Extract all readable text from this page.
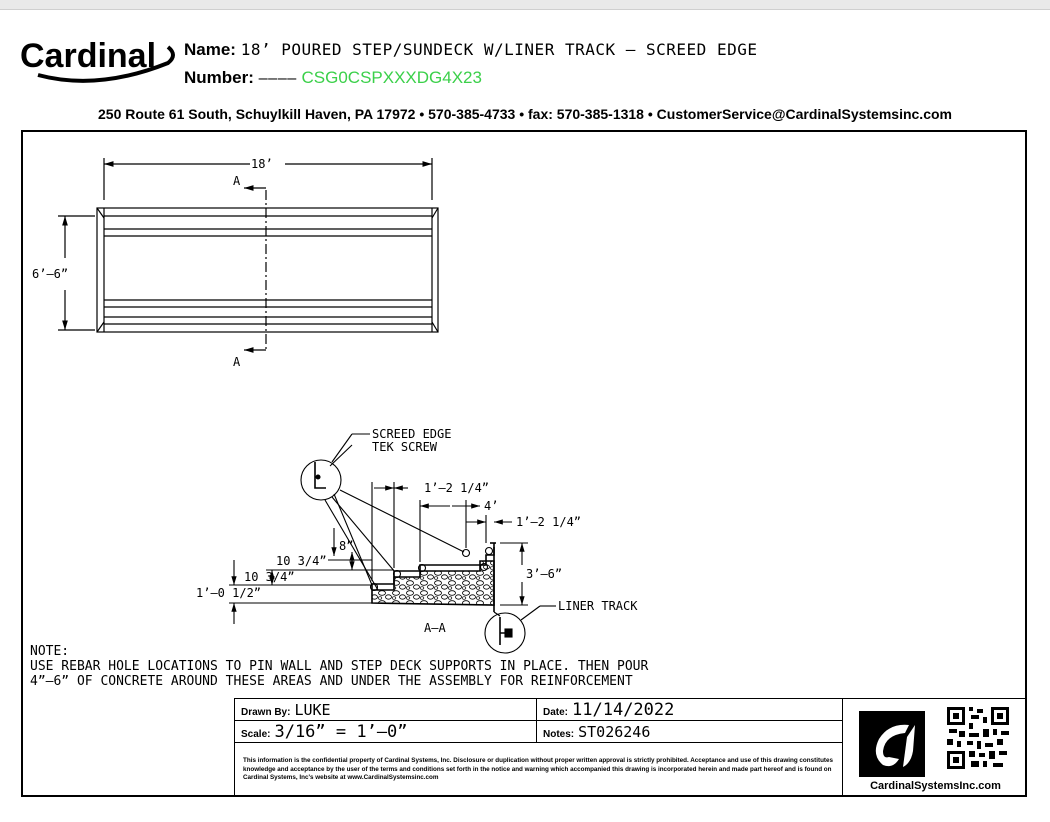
Cardinal Name: 18’ POURED STEP/SUNDECK W/LINER TRACK – SCREED EDGE
Number: –––– CSG0CSPXXXDG4X23
250 Route 61 South, Schuylkill Haven, PA 17972 • 570-385-4733 • fax: 570-385-1318 • CustomerService@CardinalSystemsinc.com
18’
A
A
6’–6”
SCREED EDGE
TEK SCREW
LINER TRACK
1’–2 1/4”
4’
1’–2 1/4”
8”
10 3/4”
10 3/4”
1’–0 1/2”
3’–6”
A–A
NOTE:
USE REBAR HOLE LOCATIONS TO PIN WALL AND STEP DECK SUPPORTS IN PLACE. THEN POUR
4”–6” OF CONCRETE AROUND THESE AREAS AND UNDER THE ASSEMBLY FOR REINFORCEMENT
Drawn By: LUKE	Date: 11/14/2022
Scale: 3/16” = 1’–0”	Notes: ST026246
This information is the confidential property of Cardinal Systems, Inc. Disclosure or duplication without proper written approval is strictly prohibited. Acceptance and use of this drawing constitutes knowledge and acceptance by the user of the terms and conditions set forth in the notice and warning which accompanied this drawing is incorporated herein and made part hereof and is found on Cardinal Systems, Inc's website at www.CardinalSystemsinc.com
CardinalSystemsInc.com
